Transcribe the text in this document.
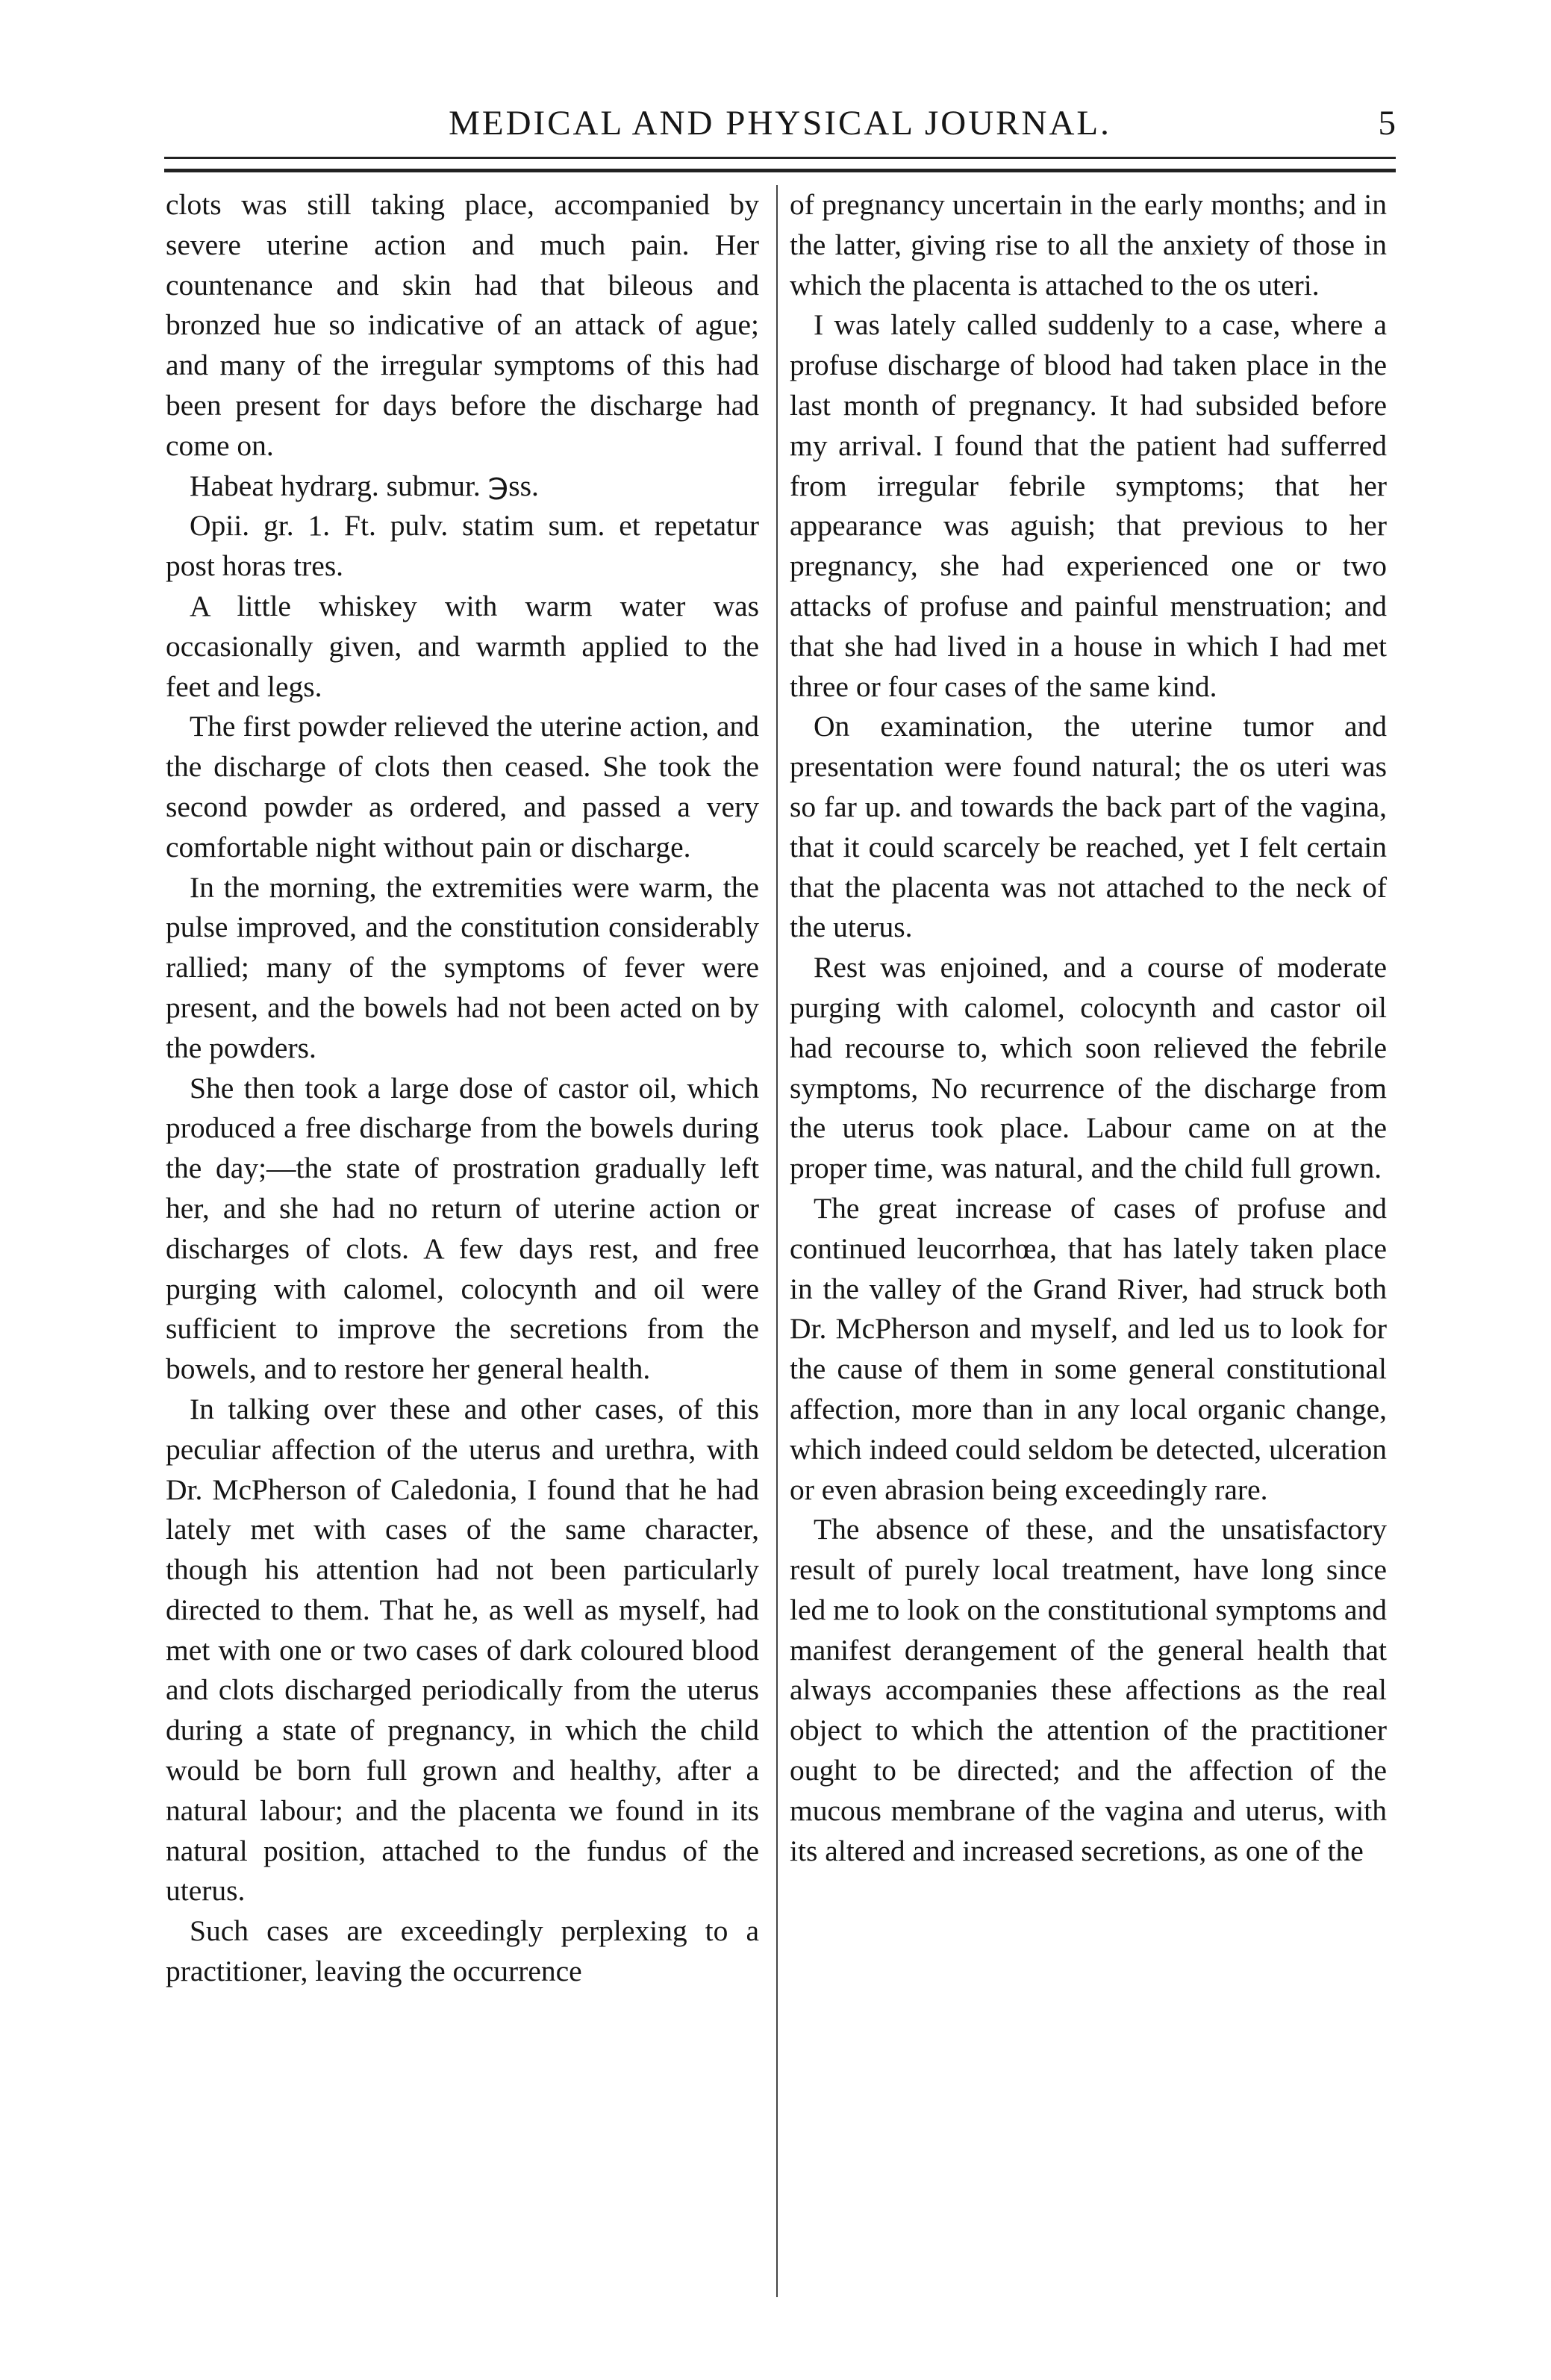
MEDICAL AND PHYSICAL JOURNAL.	5

clots was still taking place, accompanied by severe uterine action and much pain. Her countenance and skin had that bileous and bronzed hue so indicative of an attack of ague; and many of the irregular symptoms of this had been present for days before the discharge had come on.

Habeat hydrarg. submur. ℈ss.

Opii. gr. 1. Ft. pulv. statim sum. et repetatur post horas tres.

A little whiskey with warm water was occasionally given, and warmth applied to the feet and legs.

The first powder relieved the uterine action, and the discharge of clots then ceased. She took the second powder as ordered, and passed a very comfortable night without pain or discharge.

In the morning, the extremities were warm, the pulse improved, and the constitution considerably rallied; many of the symptoms of fever were present, and the bowels had not been acted on by the powders.

She then took a large dose of castor oil, which produced a free discharge from the bowels during the day;—the state of prostration gradually left her, and she had no return of uterine action or discharges of clots. A few days rest, and free purging with calomel, colocynth and oil were sufficient to improve the secretions from the bowels, and to restore her general health.

In talking over these and other cases, of this peculiar affection of the uterus and urethra, with Dr. McPherson of Caledonia, I found that he had lately met with cases of the same character, though his attention had not been particularly directed to them. That he, as well as myself, had met with one or two cases of dark coloured blood and clots discharged periodically from the uterus during a state of pregnancy, in which the child would be born full grown and healthy, after a natural labour; and the placenta we found in its natural position, attached to the fundus of the uterus.

Such cases are exceedingly perplexing to a practitioner, leaving the occurrence

of pregnancy uncertain in the early months; and in the latter, giving rise to all the anxiety of those in which the placenta is attached to the os uteri.

I was lately called suddenly to a case, where a profuse discharge of blood had taken place in the last month of pregnancy. It had subsided before my arrival. I found that the patient had sufferred from irregular febrile symptoms; that her appearance was aguish; that previous to her pregnancy, she had experienced one or two attacks of profuse and painful menstruation; and that she had lived in a house in which I had met three or four cases of the same kind.

On examination, the uterine tumor and presentation were found natural; the os uteri was so far up. and towards the back part of the vagina, that it could scarcely be reached, yet I felt certain that the placenta was not attached to the neck of the uterus.

Rest was enjoined, and a course of moderate purging with calomel, colocynth and castor oil had recourse to, which soon relieved the febrile symptoms, No recurrence of the discharge from the uterus took place. Labour came on at the proper time, was natural, and the child full grown.

The great increase of cases of profuse and continued leucorrhœa, that has lately taken place in the valley of the Grand River, had struck both Dr. McPherson and myself, and led us to look for the cause of them in some general constitutional affection, more than in any local organic change, which indeed could seldom be detected, ulceration or even abrasion being exceedingly rare.

The absence of these, and the unsatisfactory result of purely local treatment, have long since led me to look on the constitutional symptoms and manifest derangement of the general health that always accompanies these affections as the real object to which the attention of the practitioner ought to be directed; and the affection of the mucous membrane of the vagina and uterus, with its altered and increased secretions, as one of the
